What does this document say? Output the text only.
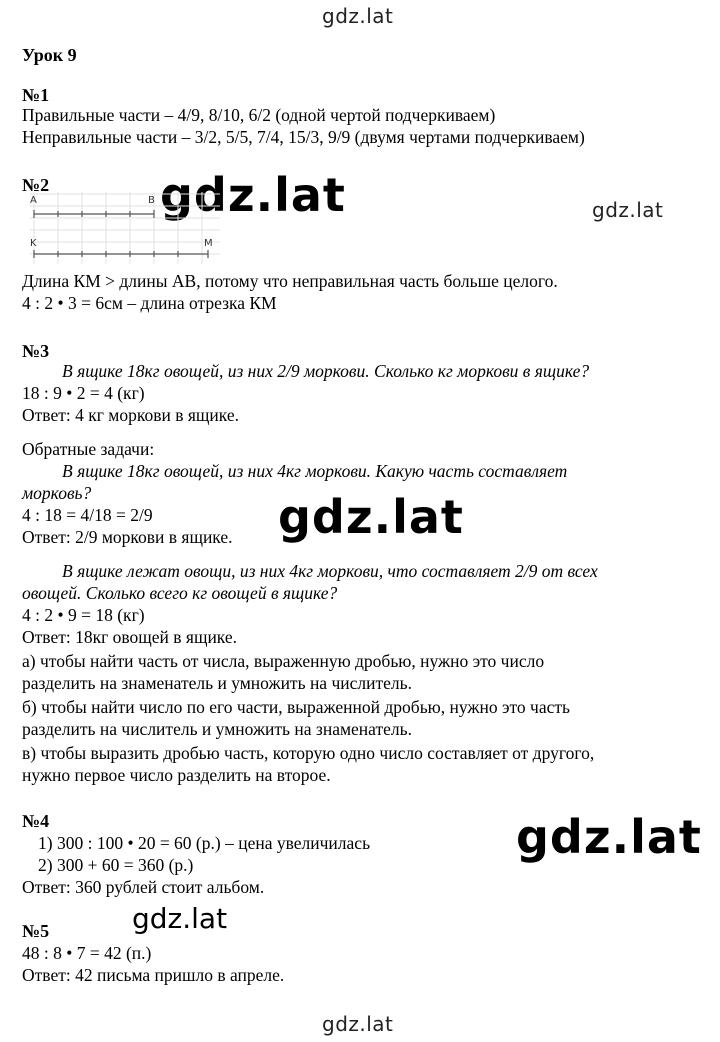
gdz.lat
gdz.lat	gdz.lat
gdz.lat
gdz.lat
gdz.lat
gdz.lat
Урок 9
№1
Правильные части – 4/9, 8/10, 6/2 (одной чертой подчеркиваем)
Неправильные части – 3/2, 5/5, 7/4, 15/3, 9/9 (двумя чертами подчеркиваем)
№2
A	B
K	M
Длина КМ > длины АВ, потому что неправильная часть больше целого.
4 : 2 • 3 = 6см – длина отрезка КМ
№3
В ящике 18кг овощей, из них 2/9 моркови. Сколько кг моркови в ящике?
18 : 9 • 2 = 4 (кг)
Ответ: 4 кг моркови в ящике.
Обратные задачи:
В ящике 18кг овощей, из них 4кг моркови. Какую часть составляет
морковь?
4 : 18 = 4/18 = 2/9
Ответ: 2/9 моркови в ящике.
В ящике лежат овощи, из них 4кг моркови, что составляет 2/9 от всех
овощей. Сколько всего кг овощей в ящике?
4 : 2 • 9 = 18 (кг)
Ответ: 18кг овощей в ящике.
а) чтобы найти часть от числа, выраженную дробью, нужно это число
разделить на знаменатель и умножить на числитель.
б) чтобы найти число по его части, выраженной дробью, нужно это часть
разделить на числитель и умножить на знаменатель.
в) чтобы выразить дробью часть, которую одно число составляет от другого,
нужно первое число разделить на второе.
№4
1) 300 : 100 • 20 = 60 (р.) – цена увеличилась
2) 300 + 60 = 360 (р.)
Ответ: 360 рублей стоит альбом.
№5
48 : 8 • 7 = 42 (п.)
Ответ: 42 письма пришло в апреле.
